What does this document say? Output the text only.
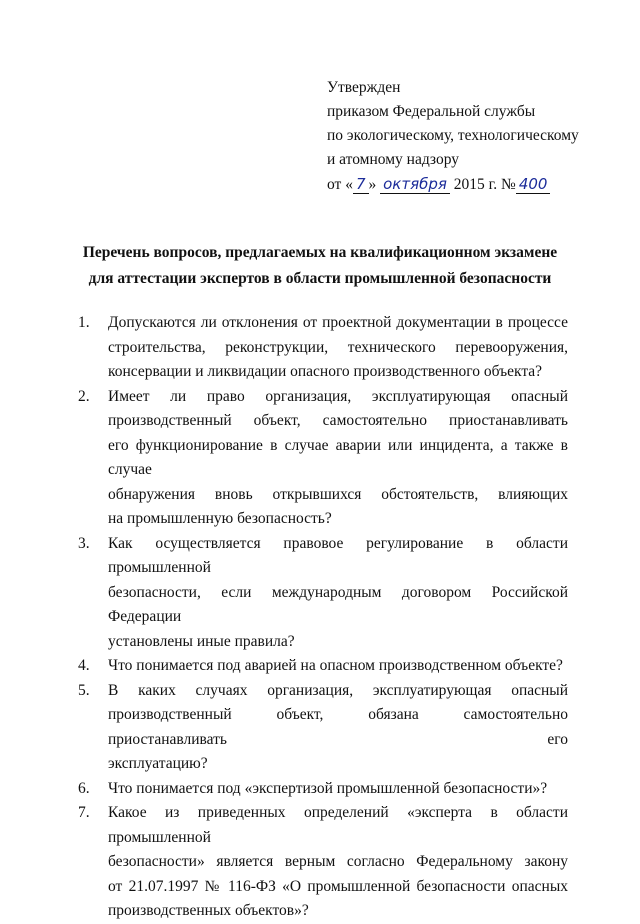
Утвержден
приказом Федеральной службы
по экологическому, технологическому
и атомному надзору
от « 7 » октября 2015 г. № 400
Перечень вопросов, предлагаемых на квалификационном экзамене
для аттестации экспертов в области промышленной безопасности
1.	Допускаются ли отклонения от проектной документации в процессе
строительства, реконструкции, технического перевооружения,
консервации и ликвидации опасного производственного объекта?
2.	Имеет ли право организация, эксплуатирующая опасный
производственный объект, самостоятельно приостанавливать
его функционирование в случае аварии или инцидента, а также в случае
обнаружения вновь открывшихся обстоятельств, влияющих
на промышленную безопасность?
3.	Как осуществляется правовое регулирование в области промышленной
безопасности, если международным договором Российской Федерации
установлены иные правила?
4.	Что понимается под аварией на опасном производственном объекте?
5.	В каких случаях организация, эксплуатирующая опасный
производственный объект, обязана самостоятельно приостанавливать его
эксплуатацию?
6.	Что понимается под «экспертизой промышленной безопасности»?
7.	Какое из приведенных определений «эксперта в области промышленной
безопасности» является верным согласно Федеральному закону
от 21.07.1997 № 116-ФЗ «О промышленной безопасности опасных
производственных объектов»?
